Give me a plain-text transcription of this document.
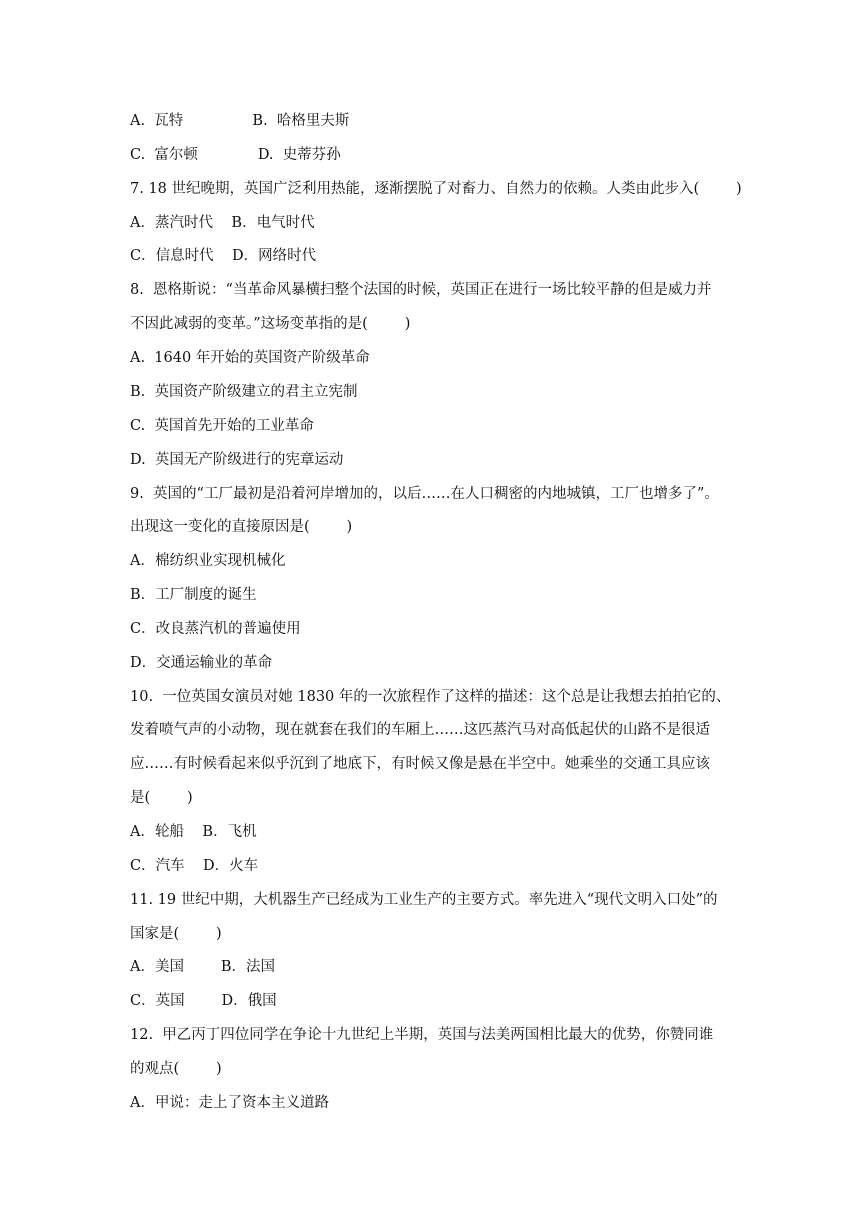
A.  瓦特               B.  哈格里夫斯
C.  富尔顿             D.  史蒂芬孙
7. 18 世纪晚期，英国广泛利用热能，逐渐摆脱了对畜力、自然力的依赖。人类由此步入(        )
A．蒸汽时代    B．电气时代
C．信息时代    D．网络时代
8.  恩格斯说：“当革命风暴横扫整个法国的时候，英国正在进行一场比较平静的但是威力并
不因此减弱的变革。”这场变革指的是(        )
A.  1640 年开始的英国资产阶级革命
B.  英国资产阶级建立的君主立宪制
C.  英国首先开始的工业革命
D.  英国无产阶级进行的宪章运动
9.  英国的“工厂最初是沿着河岸增加的，以后……在人口稠密的内地城镇，工厂也增多了”。
出现这一变化的直接原因是(        )
A．棉纺织业实现机械化
B．工厂制度的诞生
C．改良蒸汽机的普遍使用
D．交通运输业的革命
10.  一位英国女演员对她 1830 年的一次旅程作了这样的描述：这个总是让我想去拍拍它的、
发着喷气声的小动物，现在就套在我们的车厢上……这匹蒸汽马对高低起伏的山路不是很适
应……有时候看起来似乎沉到了地底下，有时候又像是悬在半空中。她乘坐的交通工具应该
是(        )
A．轮船    B．飞机
C．汽车    D．火车
11. 19 世纪中期，大机器生产已经成为工业生产的主要方式。率先进入“现代文明入口处”的
国家是(        )
A．美国        B．法国
C．英国        D．俄国
12.  甲乙丙丁四位同学在争论十九世纪上半期，英国与法美两国相比最大的优势，你赞同谁
的观点(        )
A．甲说：走上了资本主义道路
